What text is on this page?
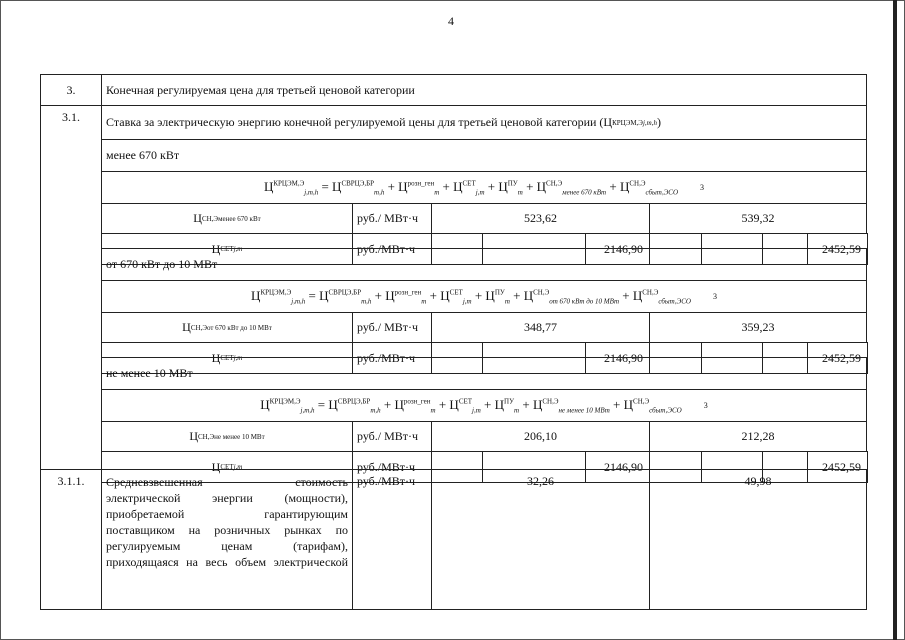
4
3.	Конечная регулируемая цена для третьей ценовой категории
3.1. Ставка за электрическую энергию конечной регулируемой цены для третьей ценовой категории (Ц КРЦЭМ,Э j,m,h )
менее 670 кВт
$Ц^{КРЦЭМ,Э}_{j,m,h} = Ц^{СВРЦЭ,БР}_{m,h} + Ц^{розн\_ген}_m + Ц^{СЕТ}_{j,m} + Ц^{ПУ}_m + Ц^{СН,Э}_{менее 670 кВт} + Ц^{СН,Э}_{сбыт,ЭСО}$
3
Ц СН,Э менее 670 кВт	руб./ МВт·ч	523,62	539,32
Ц СЕТ j,m	руб./МВт·ч	2146,90	2452,59
от 670 кВт до 10 МВт
$Ц^{КРЦЭМ,Э}_{j,m,h} = Ц^{СВРЦЭ,БР}_{m,h} + Ц^{розн\_ген}_m + Ц^{СЕТ}_{j,m} + Ц^{ПУ}_m + Ц^{СН,Э}_{от 670 кВт до 10 МВт} + Ц^{СН,Э}_{сбыт,ЭСО}$
3
Ц СН,Э от 670 кВт до 10 МВт	руб./ МВт·ч	348,77	359,23
Ц СЕТ j,m	руб./МВт·ч	2146,90	2452,59
не менее 10 МВт
$Ц^{КРЦЭМ,Э}_{j,m,h} = Ц^{СВРЦЭ,БР}_{m,h} + Ц^{розн\_ген}_m + Ц^{СЕТ}_{j,m} + Ц^{ПУ}_m + Ц^{СН,Э}_{не менее 10 МВт} + Ц^{СН,Э}_{сбыт,ЭСО}$
3
Ц СН,Э не менее 10 МВт	руб./ МВт·ч	206,10	212,28
Ц СЕТ j,m	руб./МВт·ч	2146,90	2452,59
3.1.1.	Средневзвешенная стоимость
электрической энергии (мощности),
приобретаемой гарантирующим
поставщиком на розничных рынках по
регулируемым ценам (тарифам),
приходящаяся на весь объем электрической
руб./МВт·ч	32,26	49,98
